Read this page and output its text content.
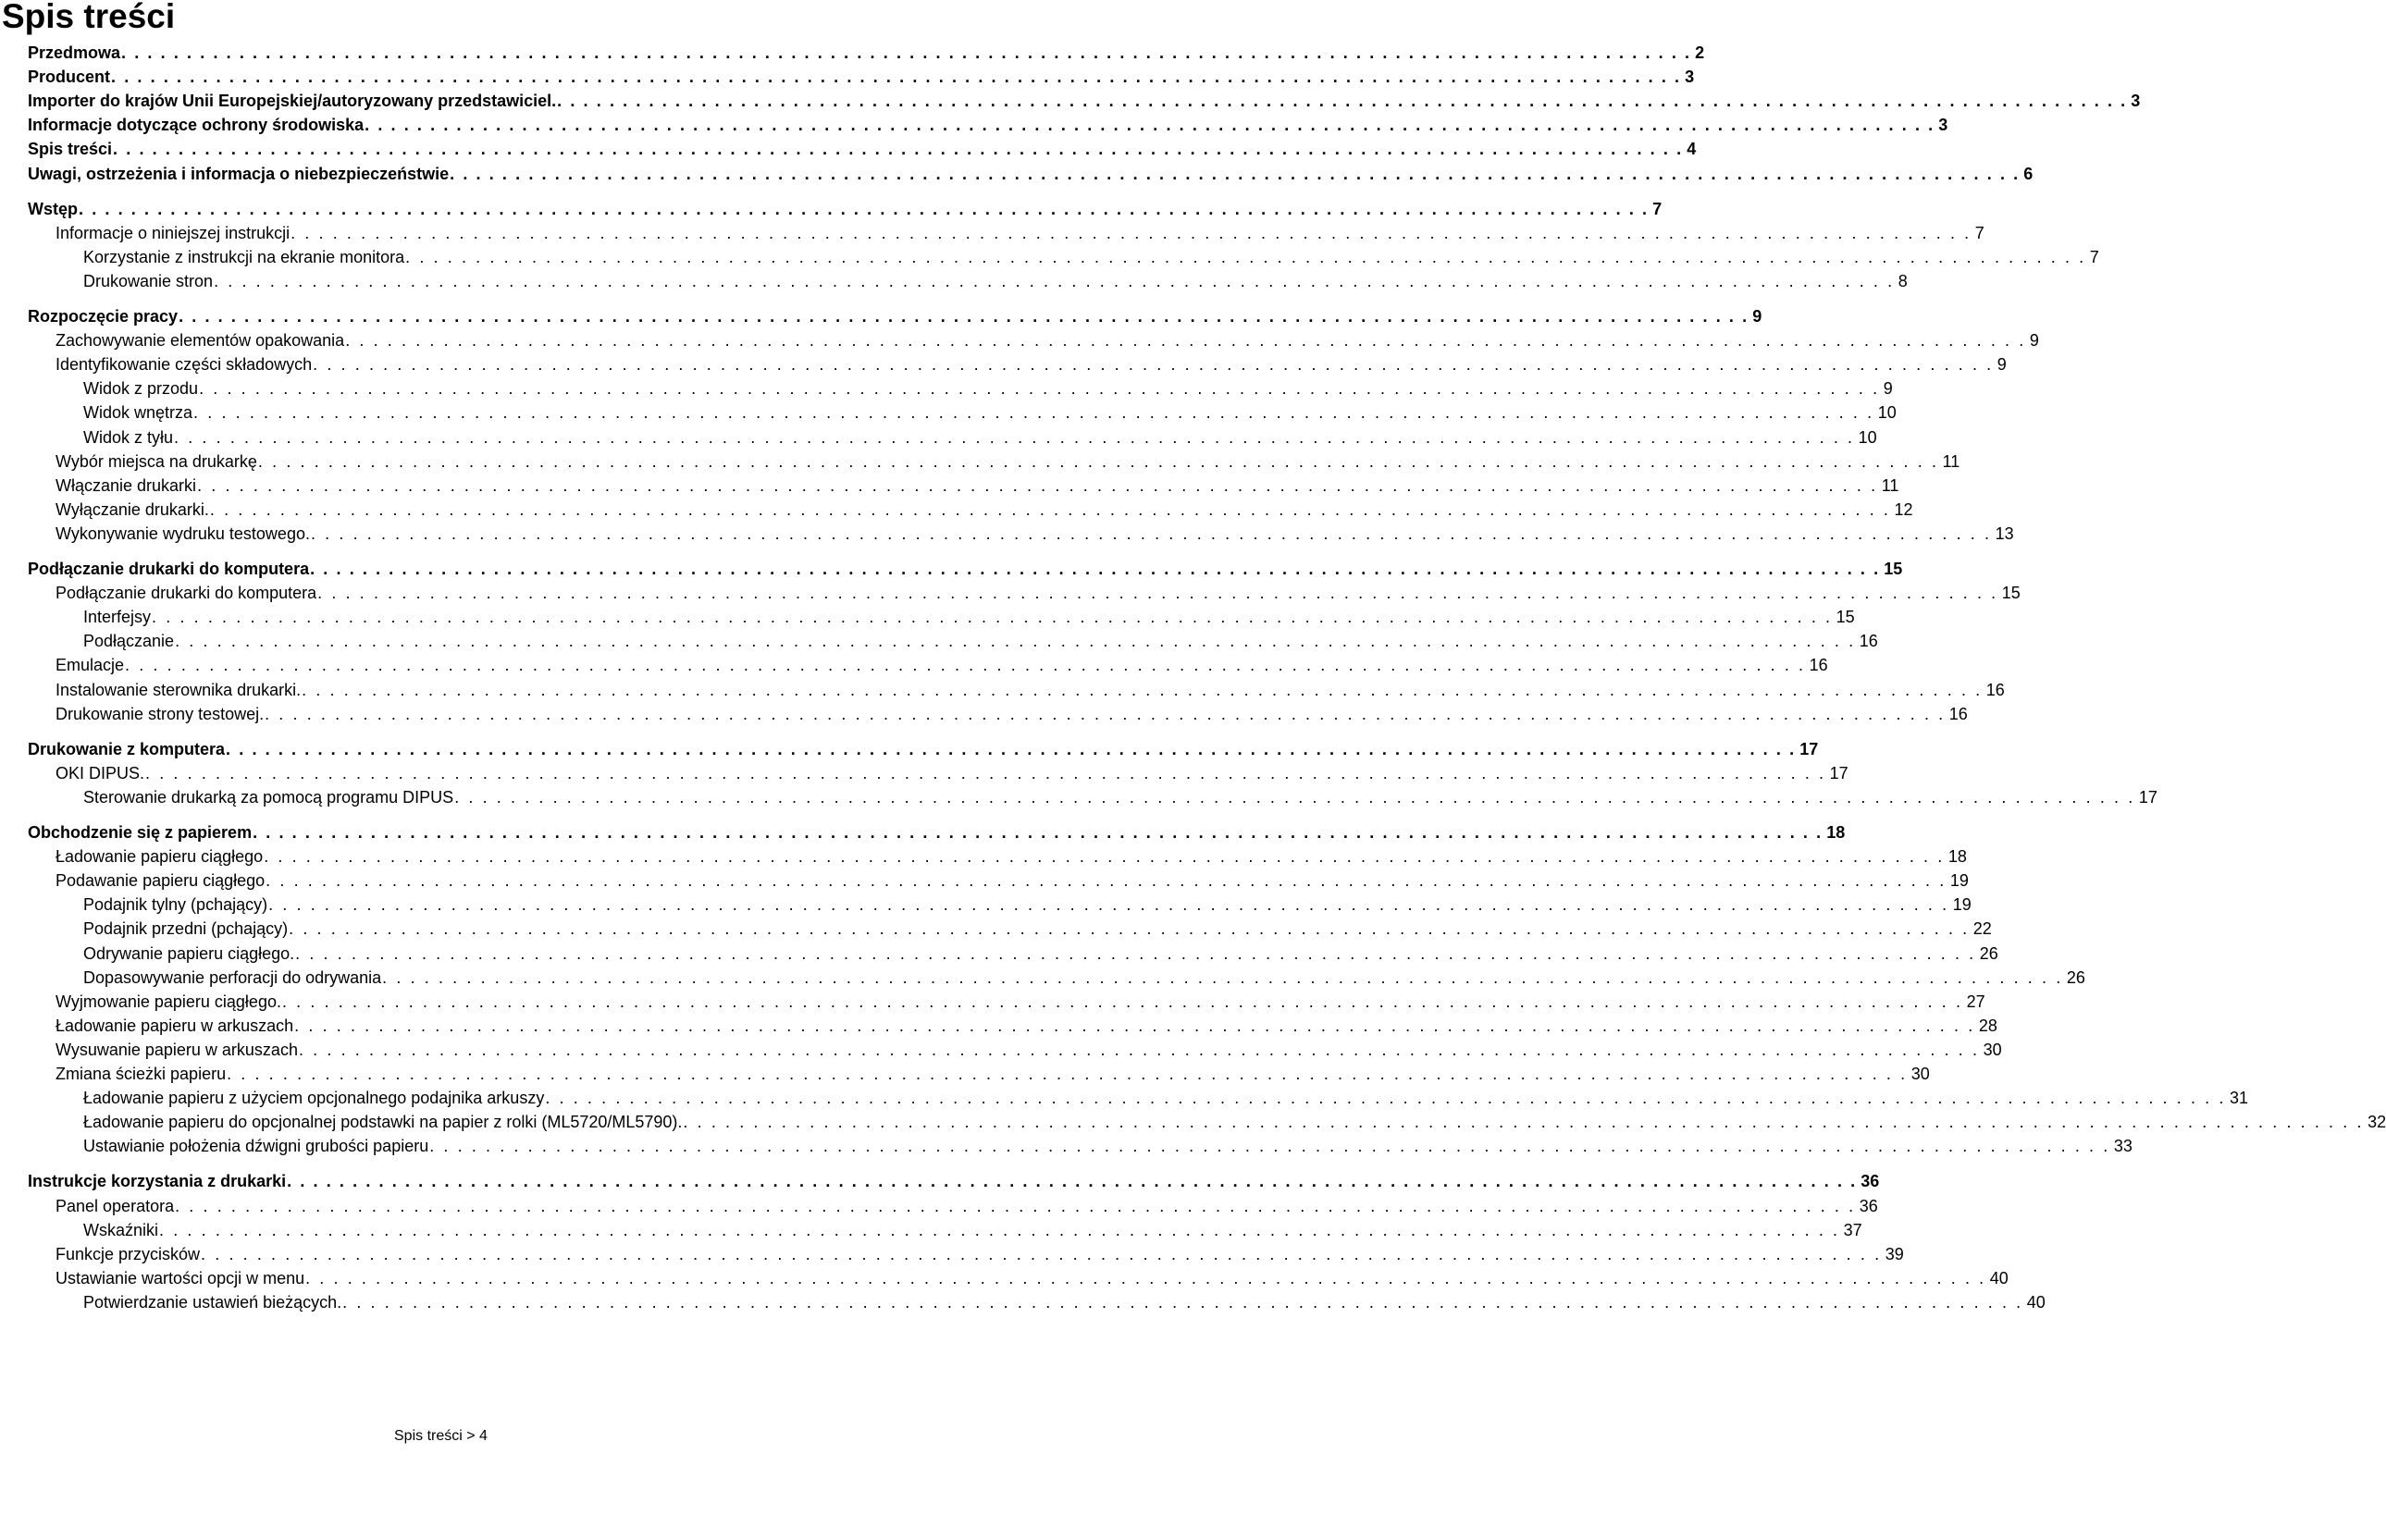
Spis treści
Przedmowa . . . . . . . . . . . . . . . . . . . . . . . . . . . . . . . . . . . . . . . . . . . . . . . . . . . . . . . . . . . . . . . . . . . . . . . . . . . . . . . . . . . . . . . . . . . . . . . . . . . . . . . . . . . . . . . . . . . . . . . . 2
Producent . . . . . . . . . . . . . . . . . . . . . . . . . . . . . . . . . . . . . . . . . . . . . . . . . . . . . . . . . . . . . . . . . . . . . . . . . . . . . . . . . . . . . . . . . . . . . . . . . . . . . . . . . . . . . . . . . . . . . . . . 3
Importer do krajów Unii Europejskiej/autoryzowany przedstawiciel. . . . . . . . . . . . . . . . . . . . . . . . . . . . . . . . . . . . . . . . . . . . . . . . . . . . . . . . . . . . . . . . . . . . . . . . . . . . . . . . . . . . . . . . . . . . . . . . . . . . . . . . . . . . . . . . . . . . . . . . . 3
Informacje dotyczące ochrony środowiska . . . . . . . . . . . . . . . . . . . . . . . . . . . . . . . . . . . . . . . . . . . . . . . . . . . . . . . . . . . . . . . . . . . . . . . . . . . . . . . . . . . . . . . . . . . . . . . . . . . . . . . . . . . . . . . . . . . . . . . . 3
Spis treści . . . . . . . . . . . . . . . . . . . . . . . . . . . . . . . . . . . . . . . . . . . . . . . . . . . . . . . . . . . . . . . . . . . . . . . . . . . . . . . . . . . . . . . . . . . . . . . . . . . . . . . . . . . . . . . . . . . . . . . . 4
Uwagi, ostrzeżenia i informacja o niebezpieczeństwie . . . . . . . . . . . . . . . . . . . . . . . . . . . . . . . . . . . . . . . . . . . . . . . . . . . . . . . . . . . . . . . . . . . . . . . . . . . . . . . . . . . . . . . . . . . . . . . . . . . . . . . . . . . . . . . . . . . . . . . . 6
Wstęp . . . . . . . . . . . . . . . . . . . . . . . . . . . . . . . . . . . . . . . . . . . . . . . . . . . . . . . . . . . . . . . . . . . . . . . . . . . . . . . . . . . . . . . . . . . . . . . . . . . . . . . . . . . . . . . . . . . . . . . . 7
Informacje o niniejszej instrukcji . . . . . . . . . . . . . . . . . . . . . . . . . . . . . . . . . . . . . . . . . . . . . . . . . . . . . . . . . . . . . . . . . . . . . . . . . . . . . . . . . . . . . . . . . . . . . . . . . . . . . . . . . . . . . . . . . . . . . . . . 7
Korzystanie z instrukcji na ekranie monitora . . . . . . . . . . . . . . . . . . . . . . . . . . . . . . . . . . . . . . . . . . . . . . . . . . . . . . . . . . . . . . . . . . . . . . . . . . . . . . . . . . . . . . . . . . . . . . . . . . . . . . . . . . . . . . . . . . . . . . . . 7
Drukowanie stron . . . . . . . . . . . . . . . . . . . . . . . . . . . . . . . . . . . . . . . . . . . . . . . . . . . . . . . . . . . . . . . . . . . . . . . . . . . . . . . . . . . . . . . . . . . . . . . . . . . . . . . . . . . . . . . . . . . . . . . . 8
Rozpoczęcie pracy . . . . . . . . . . . . . . . . . . . . . . . . . . . . . . . . . . . . . . . . . . . . . . . . . . . . . . . . . . . . . . . . . . . . . . . . . . . . . . . . . . . . . . . . . . . . . . . . . . . . . . . . . . . . . . . . . . . . . . . . 9
Zachowywanie elementów opakowania . . . . . . . . . . . . . . . . . . . . . . . . . . . . . . . . . . . . . . . . . . . . . . . . . . . . . . . . . . . . . . . . . . . . . . . . . . . . . . . . . . . . . . . . . . . . . . . . . . . . . . . . . . . . . . . . . . . . . . . . 9
Identyfikowanie części składowych . . . . . . . . . . . . . . . . . . . . . . . . . . . . . . . . . . . . . . . . . . . . . . . . . . . . . . . . . . . . . . . . . . . . . . . . . . . . . . . . . . . . . . . . . . . . . . . . . . . . . . . . . . . . . . . . . . . . . . . . 9
Widok z przodu . . . . . . . . . . . . . . . . . . . . . . . . . . . . . . . . . . . . . . . . . . . . . . . . . . . . . . . . . . . . . . . . . . . . . . . . . . . . . . . . . . . . . . . . . . . . . . . . . . . . . . . . . . . . . . . . . . . . . . . . 9
Widok wnętrza . . . . . . . . . . . . . . . . . . . . . . . . . . . . . . . . . . . . . . . . . . . . . . . . . . . . . . . . . . . . . . . . . . . . . . . . . . . . . . . . . . . . . . . . . . . . . . . . . . . . . . . . . . . . . . . . . . . . . . . . 10
Widok z tyłu . . . . . . . . . . . . . . . . . . . . . . . . . . . . . . . . . . . . . . . . . . . . . . . . . . . . . . . . . . . . . . . . . . . . . . . . . . . . . . . . . . . . . . . . . . . . . . . . . . . . . . . . . . . . . . . . . . . . . . . . 10
Wybór miejsca na drukarkę . . . . . . . . . . . . . . . . . . . . . . . . . . . . . . . . . . . . . . . . . . . . . . . . . . . . . . . . . . . . . . . . . . . . . . . . . . . . . . . . . . . . . . . . . . . . . . . . . . . . . . . . . . . . . . . . . . . . . . . . 11
Włączanie drukarki . . . . . . . . . . . . . . . . . . . . . . . . . . . . . . . . . . . . . . . . . . . . . . . . . . . . . . . . . . . . . . . . . . . . . . . . . . . . . . . . . . . . . . . . . . . . . . . . . . . . . . . . . . . . . . . . . . . . . . . . 11
Wyłączanie drukarki. . . . . . . . . . . . . . . . . . . . . . . . . . . . . . . . . . . . . . . . . . . . . . . . . . . . . . . . . . . . . . . . . . . . . . . . . . . . . . . . . . . . . . . . . . . . . . . . . . . . . . . . . . . . . . . . . . . . . . . . . 12
Wykonywanie wydruku testowego. . . . . . . . . . . . . . . . . . . . . . . . . . . . . . . . . . . . . . . . . . . . . . . . . . . . . . . . . . . . . . . . . . . . . . . . . . . . . . . . . . . . . . . . . . . . . . . . . . . . . . . . . . . . . . . . . . . . . . . . . 13
Podłączanie drukarki do komputera . . . . . . . . . . . . . . . . . . . . . . . . . . . . . . . . . . . . . . . . . . . . . . . . . . . . . . . . . . . . . . . . . . . . . . . . . . . . . . . . . . . . . . . . . . . . . . . . . . . . . . . . . . . . . . . . . . . . . . . . 15
Podłączanie drukarki do komputera . . . . . . . . . . . . . . . . . . . . . . . . . . . . . . . . . . . . . . . . . . . . . . . . . . . . . . . . . . . . . . . . . . . . . . . . . . . . . . . . . . . . . . . . . . . . . . . . . . . . . . . . . . . . . . . . . . . . . . . . 15
Interfejsy . . . . . . . . . . . . . . . . . . . . . . . . . . . . . . . . . . . . . . . . . . . . . . . . . . . . . . . . . . . . . . . . . . . . . . . . . . . . . . . . . . . . . . . . . . . . . . . . . . . . . . . . . . . . . . . . . . . . . . . . 15
Podłączanie . . . . . . . . . . . . . . . . . . . . . . . . . . . . . . . . . . . . . . . . . . . . . . . . . . . . . . . . . . . . . . . . . . . . . . . . . . . . . . . . . . . . . . . . . . . . . . . . . . . . . . . . . . . . . . . . . . . . . . . . 16
Emulacje . . . . . . . . . . . . . . . . . . . . . . . . . . . . . . . . . . . . . . . . . . . . . . . . . . . . . . . . . . . . . . . . . . . . . . . . . . . . . . . . . . . . . . . . . . . . . . . . . . . . . . . . . . . . . . . . . . . . . . . . 16
Instalowanie sterownika drukarki. . . . . . . . . . . . . . . . . . . . . . . . . . . . . . . . . . . . . . . . . . . . . . . . . . . . . . . . . . . . . . . . . . . . . . . . . . . . . . . . . . . . . . . . . . . . . . . . . . . . . . . . . . . . . . . . . . . . . . . . . 16
Drukowanie strony testowej. . . . . . . . . . . . . . . . . . . . . . . . . . . . . . . . . . . . . . . . . . . . . . . . . . . . . . . . . . . . . . . . . . . . . . . . . . . . . . . . . . . . . . . . . . . . . . . . . . . . . . . . . . . . . . . . . . . . . . . . . 16
Drukowanie z komputera . . . . . . . . . . . . . . . . . . . . . . . . . . . . . . . . . . . . . . . . . . . . . . . . . . . . . . . . . . . . . . . . . . . . . . . . . . . . . . . . . . . . . . . . . . . . . . . . . . . . . . . . . . . . . . . . . . . . . . . . 17
OKI DIPUS. . . . . . . . . . . . . . . . . . . . . . . . . . . . . . . . . . . . . . . . . . . . . . . . . . . . . . . . . . . . . . . . . . . . . . . . . . . . . . . . . . . . . . . . . . . . . . . . . . . . . . . . . . . . . . . . . . . . . . . . . 17
Sterowanie drukarką za pomocą programu DIPUS . . . . . . . . . . . . . . . . . . . . . . . . . . . . . . . . . . . . . . . . . . . . . . . . . . . . . . . . . . . . . . . . . . . . . . . . . . . . . . . . . . . . . . . . . . . . . . . . . . . . . . . . . . . . . . . . . . . . . . . . 17
Obchodzenie się z papierem . . . . . . . . . . . . . . . . . . . . . . . . . . . . . . . . . . . . . . . . . . . . . . . . . . . . . . . . . . . . . . . . . . . . . . . . . . . . . . . . . . . . . . . . . . . . . . . . . . . . . . . . . . . . . . . . . . . . . . . . 18
Ładowanie papieru ciągłego . . . . . . . . . . . . . . . . . . . . . . . . . . . . . . . . . . . . . . . . . . . . . . . . . . . . . . . . . . . . . . . . . . . . . . . . . . . . . . . . . . . . . . . . . . . . . . . . . . . . . . . . . . . . . . . . . . . . . . . . 18
Podawanie papieru ciągłego . . . . . . . . . . . . . . . . . . . . . . . . . . . . . . . . . . . . . . . . . . . . . . . . . . . . . . . . . . . . . . . . . . . . . . . . . . . . . . . . . . . . . . . . . . . . . . . . . . . . . . . . . . . . . . . . . . . . . . . . 19
Podajnik tylny (pchający) . . . . . . . . . . . . . . . . . . . . . . . . . . . . . . . . . . . . . . . . . . . . . . . . . . . . . . . . . . . . . . . . . . . . . . . . . . . . . . . . . . . . . . . . . . . . . . . . . . . . . . . . . . . . . . . . . . . . . . . . 19
Podajnik przedni (pchający) . . . . . . . . . . . . . . . . . . . . . . . . . . . . . . . . . . . . . . . . . . . . . . . . . . . . . . . . . . . . . . . . . . . . . . . . . . . . . . . . . . . . . . . . . . . . . . . . . . . . . . . . . . . . . . . . . . . . . . . . 22
Odrywanie papieru ciągłego. . . . . . . . . . . . . . . . . . . . . . . . . . . . . . . . . . . . . . . . . . . . . . . . . . . . . . . . . . . . . . . . . . . . . . . . . . . . . . . . . . . . . . . . . . . . . . . . . . . . . . . . . . . . . . . . . . . . . . . . . 26
Dopasowywanie perforacji do odrywania . . . . . . . . . . . . . . . . . . . . . . . . . . . . . . . . . . . . . . . . . . . . . . . . . . . . . . . . . . . . . . . . . . . . . . . . . . . . . . . . . . . . . . . . . . . . . . . . . . . . . . . . . . . . . . . . . . . . . . . . 26
Wyjmowanie papieru ciągłego. . . . . . . . . . . . . . . . . . . . . . . . . . . . . . . . . . . . . . . . . . . . . . . . . . . . . . . . . . . . . . . . . . . . . . . . . . . . . . . . . . . . . . . . . . . . . . . . . . . . . . . . . . . . . . . . . . . . . . . . . 27
Ładowanie papieru w arkuszach . . . . . . . . . . . . . . . . . . . . . . . . . . . . . . . . . . . . . . . . . . . . . . . . . . . . . . . . . . . . . . . . . . . . . . . . . . . . . . . . . . . . . . . . . . . . . . . . . . . . . . . . . . . . . . . . . . . . . . . . 28
Wysuwanie papieru w arkuszach . . . . . . . . . . . . . . . . . . . . . . . . . . . . . . . . . . . . . . . . . . . . . . . . . . . . . . . . . . . . . . . . . . . . . . . . . . . . . . . . . . . . . . . . . . . . . . . . . . . . . . . . . . . . . . . . . . . . . . . . 30
Zmiana ścieżki papieru . . . . . . . . . . . . . . . . . . . . . . . . . . . . . . . . . . . . . . . . . . . . . . . . . . . . . . . . . . . . . . . . . . . . . . . . . . . . . . . . . . . . . . . . . . . . . . . . . . . . . . . . . . . . . . . . . . . . . . . . 30
Ładowanie papieru z użyciem opcjonalnego podajnika arkuszy . . . . . . . . . . . . . . . . . . . . . . . . . . . . . . . . . . . . . . . . . . . . . . . . . . . . . . . . . . . . . . . . . . . . . . . . . . . . . . . . . . . . . . . . . . . . . . . . . . . . . . . . . . . . . . . . . . . . . . . . 31
Ładowanie papieru do opcjonalnej podstawki na papier z rolki (ML5720/ML5790). . . . . . . . . . . . . . . . . . . . . . . . . . . . . . . . . . . . . . . . . . . . . . . . . . . . . . . . . . . . . . . . . . . . . . . . . . . . . . . . . . . . . . . . . . . . . . . . . . . . . . . . . . . . . . . . . . . . . . . . . 32
Ustawianie położenia dźwigni grubości papieru . . . . . . . . . . . . . . . . . . . . . . . . . . . . . . . . . . . . . . . . . . . . . . . . . . . . . . . . . . . . . . . . . . . . . . . . . . . . . . . . . . . . . . . . . . . . . . . . . . . . . . . . . . . . . . . . . . . . . . . . 33
Instrukcje korzystania z drukarki . . . . . . . . . . . . . . . . . . . . . . . . . . . . . . . . . . . . . . . . . . . . . . . . . . . . . . . . . . . . . . . . . . . . . . . . . . . . . . . . . . . . . . . . . . . . . . . . . . . . . . . . . . . . . . . . . . . . . . . . 36
Panel operatora . . . . . . . . . . . . . . . . . . . . . . . . . . . . . . . . . . . . . . . . . . . . . . . . . . . . . . . . . . . . . . . . . . . . . . . . . . . . . . . . . . . . . . . . . . . . . . . . . . . . . . . . . . . . . . . . . . . . . . . . 36
Wskaźniki . . . . . . . . . . . . . . . . . . . . . . . . . . . . . . . . . . . . . . . . . . . . . . . . . . . . . . . . . . . . . . . . . . . . . . . . . . . . . . . . . . . . . . . . . . . . . . . . . . . . . . . . . . . . . . . . . . . . . . . . 37
Funkcje przycisków . . . . . . . . . . . . . . . . . . . . . . . . . . . . . . . . . . . . . . . . . . . . . . . . . . . . . . . . . . . . . . . . . . . . . . . . . . . . . . . . . . . . . . . . . . . . . . . . . . . . . . . . . . . . . . . . . . . . . . . . 39
Ustawianie wartości opcji w menu . . . . . . . . . . . . . . . . . . . . . . . . . . . . . . . . . . . . . . . . . . . . . . . . . . . . . . . . . . . . . . . . . . . . . . . . . . . . . . . . . . . . . . . . . . . . . . . . . . . . . . . . . . . . . . . . . . . . . . . . 40
Potwierdzanie ustawień bieżących. . . . . . . . . . . . . . . . . . . . . . . . . . . . . . . . . . . . . . . . . . . . . . . . . . . . . . . . . . . . . . . . . . . . . . . . . . . . . . . . . . . . . . . . . . . . . . . . . . . . . . . . . . . . . . . . . . . . . . . . . 40
Spis treści > 4
